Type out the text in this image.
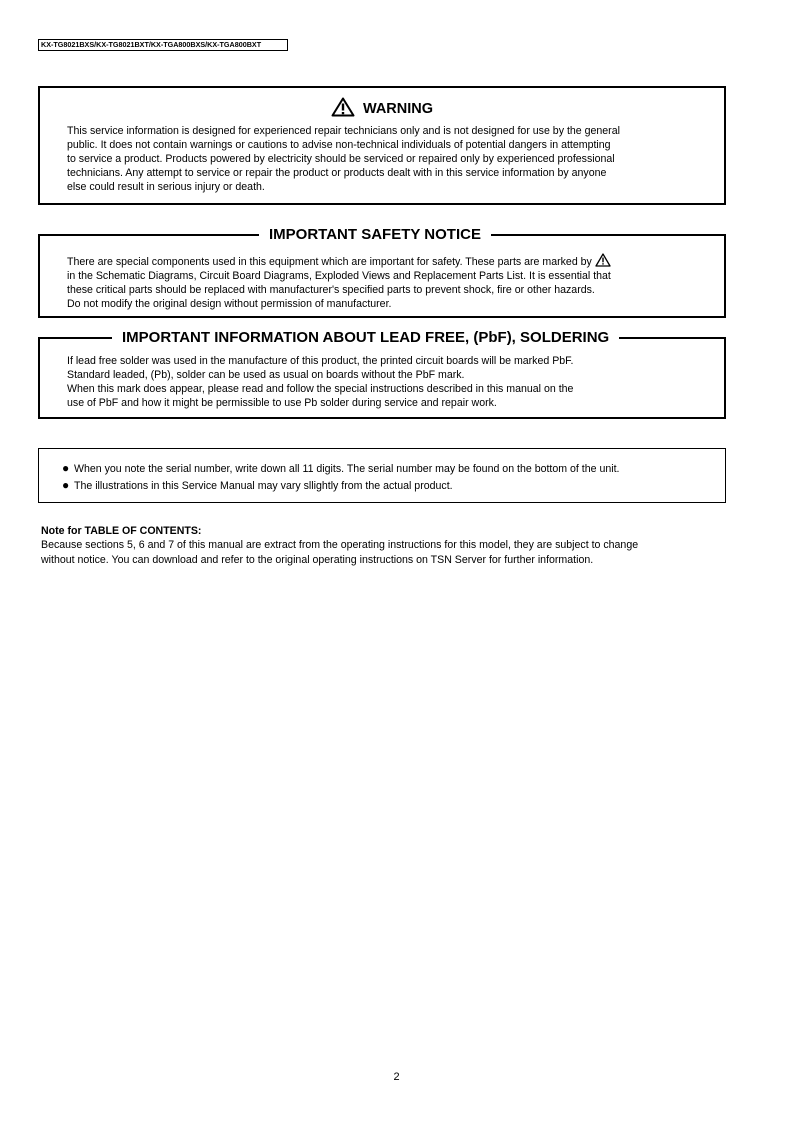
KX-TG8021BXS/KX-TG8021BXT/KX-TGA800BXS/KX-TGA800BXT
WARNING

This service information is designed for experienced repair technicians only and is not designed for use by the general

public. It does not contain warnings or cautions to advise non-technical individuals of potential dangers in attempting

to service a product. Products powered by electricity should be serviced or repaired only by experienced professional

technicians. Any attempt to service or repair the product or products dealt with in this service information by anyone

else could result in serious injury or death.

IMPORTANT SAFETY NOTICE

There are special components used in this equipment which are important for safety. These parts are marked by

in the Schematic Diagrams, Circuit Board Diagrams, Exploded Views and Replacement Parts List. It is essential that

these critical parts should be replaced with manufacturer's specified parts to prevent shock, fire or other hazards.

Do not modify the original design without permission of manufacturer.

IMPORTANT INFORMATION ABOUT LEAD FREE, (PbF), SOLDERING

If lead free solder was used in the manufacture of this product, the printed circuit boards will be marked PbF.

Standard leaded, (Pb), solder can be used as usual on boards without the PbF mark.

When this mark does appear, please read and follow the special instructions described in this manual on the

use of PbF and how it might be permissible to use Pb solder during service and repair work.

● When you note the serial number, write down all 11 digits. The serial number may be found on the bottom of the unit.
● The illustrations in this Service Manual may vary sllightly from the actual product.

Note for TABLE OF CONTENTS:

Because sections 5, 6 and 7 of this manual are extract from the operating instructions for this model, they are subject to change

without notice. You can download and refer to the original operating instructions on TSN Server for further information.

2
